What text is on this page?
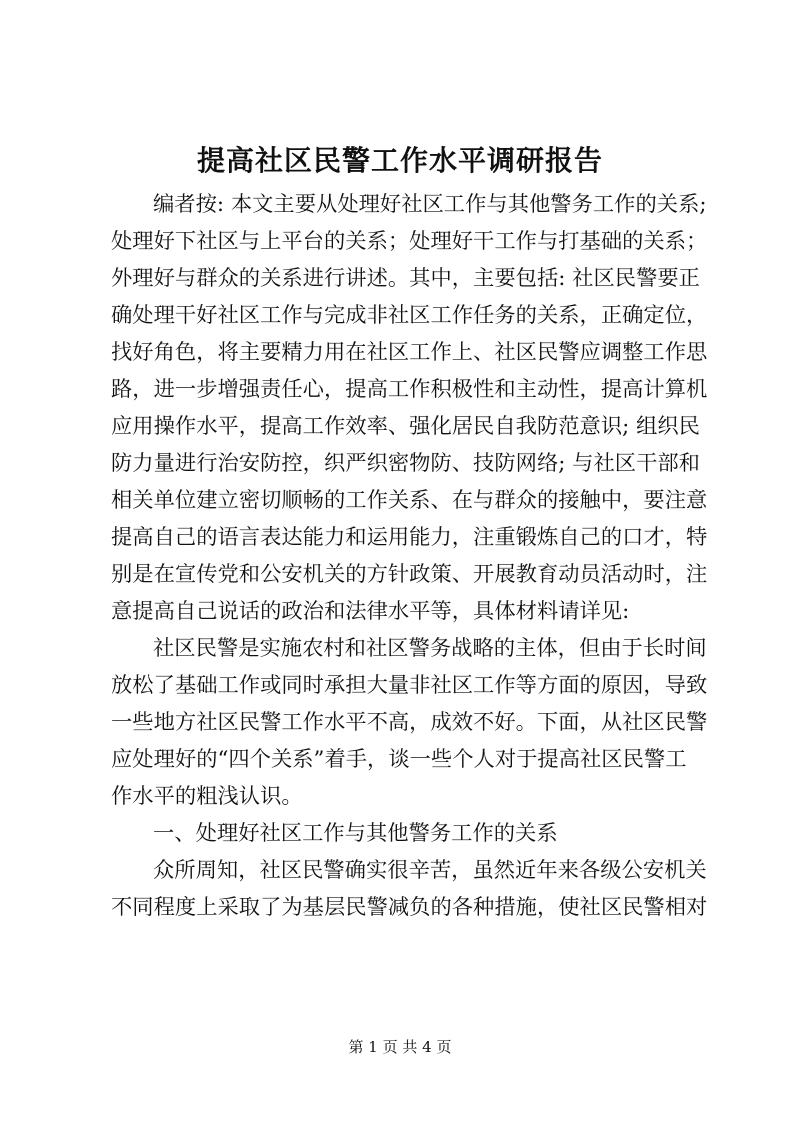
提高社区民警工作水平调研报告
编者按: 本文主要从处理好社区工作与其他警务工作的关系;
处理好下社区与上平台的关系；处理好干工作与打基础的关系；
外理好与群众的关系进行讲述。其中，主要包括: 社区民警要正
确处理干好社区工作与完成非社区工作任务的关系，正确定位，
找好角色，将主要精力用在社区工作上、社区民警应调整工作思
路，进一步增强责任心，提高工作积极性和主动性，提高计算机
应用操作水平，提高工作效率、强化居民自我防范意识; 组织民
防力量进行治安防控，织严织密物防、技防网络; 与社区干部和
相关单位建立密切顺畅的工作关系、在与群众的接触中，要注意
提高自己的语言表达能力和运用能力，注重锻炼自己的口才，特
别是在宣传党和公安机关的方针政策、开展教育动员活动时，注
意提高自己说话的政治和法律水平等，具体材料请详见:
社区民警是实施农村和社区警务战略的主体，但由于长时间
放松了基础工作或同时承担大量非社区工作等方面的原因，导致
一些地方社区民警工作水平不高，成效不好。下面，从社区民警
应处理好的“四个关系”着手，谈一些个人对于提高社区民警工
作水平的粗浅认识。
一、处理好社区工作与其他警务工作的关系
众所周知，社区民警确实很辛苦，虽然近年来各级公安机关
不同程度上采取了为基层民警减负的各种措施，使社区民警相对
第 1 页 共 4 页
